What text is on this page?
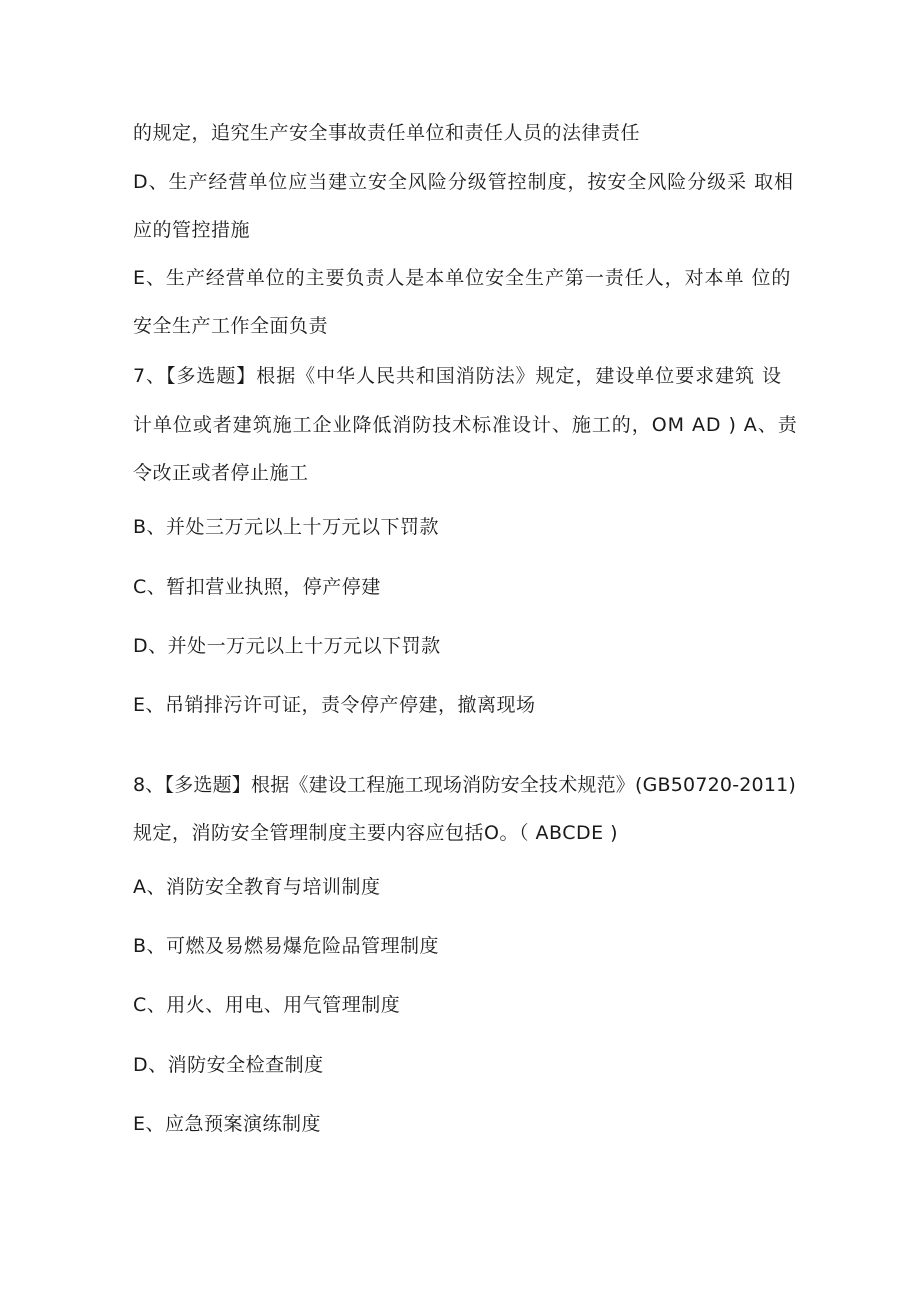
的规定，追究生产安全事故责任单位和责任人员的法律责任
D、生产经营单位应当建立安全风险分级管控制度，按安全风险分级采 取相
应的管控措施
E、生产经营单位的主要负责人是本单位安全生产第一责任人，对本单 位的
安全生产工作全面负责
7、【多选题】根据《中华人民共和国消防法》规定，建设单位要求建筑 设
计单位或者建筑施工企业降低消防技术标准设计、施工的，OM AD ) A、责
令改正或者停止施工
B、并处三万元以上十万元以下罚款
C、暂扣营业执照，停产停建
D、并处一万元以上十万元以下罚款
E、吊销排污许可证，责令停产停建，撤离现场
8、【多选题】根据《建设工程施工现场消防安全技术规范》(GB50720-2011)
规定，消防安全管理制度主要内容应包括O。（ ABCDE )
A、消防安全教育与培训制度
B、可燃及易燃易爆危险品管理制度
C、用火、用电、用气管理制度
D、消防安全检查制度
E、应急预案演练制度
